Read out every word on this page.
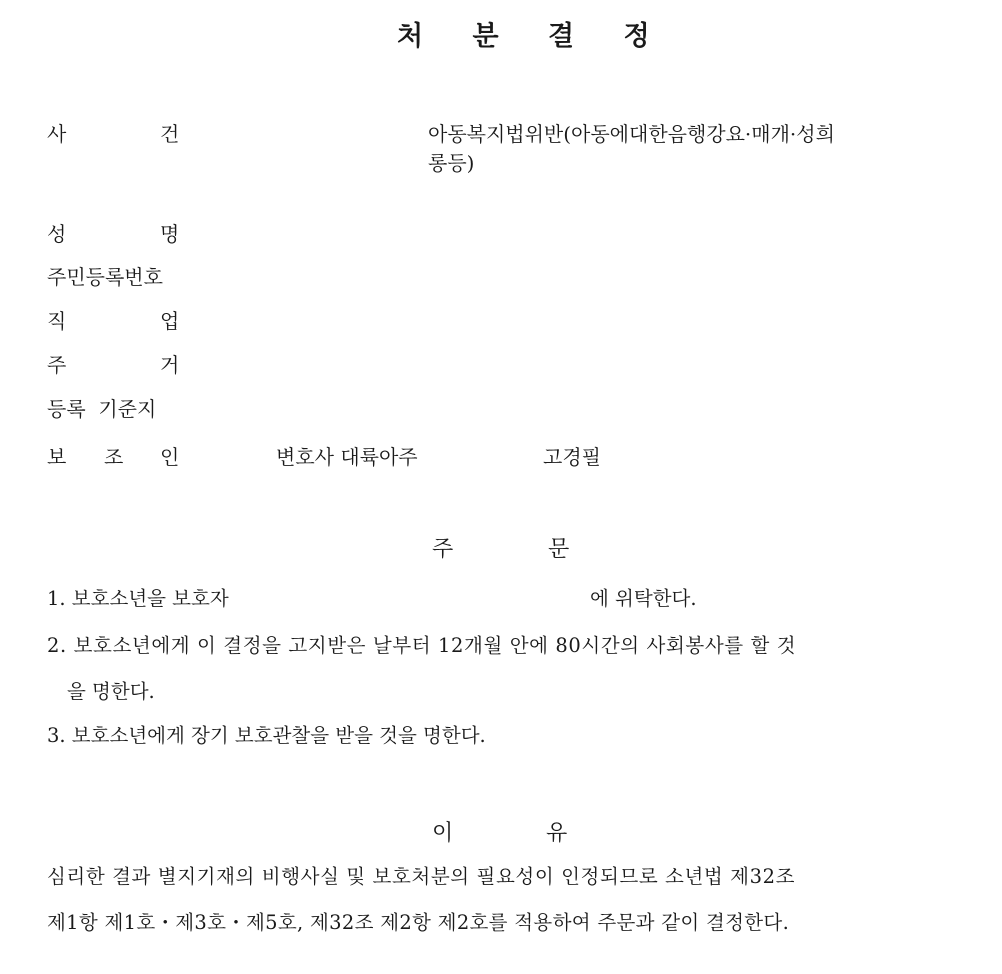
처 분 결 정
사	건	아동복지법위반(아동에대한음행강요·매개·성희
롱등)
성	명
주민등록번호
직	업
주	거
등록  기준지
보 조 인	변호사 대륙아주	고경필
주	문
1. 보호소년을 보호자	에 위탁한다.
2. 보호소년에게 이 결정을 고지받은 날부터 12개월 안에 80시간의 사회봉사를 할 것
을 명한다.
3. 보호소년에게 장기 보호관찰을 받을 것을 명한다.
이	유
심리한 결과 별지기재의 비행사실 및 보호처분의 필요성이 인정되므로 소년법 제32조
제1항 제1호・제3호・제5호, 제32조 제2항 제2호를 적용하여 주문과 같이 결정한다.
